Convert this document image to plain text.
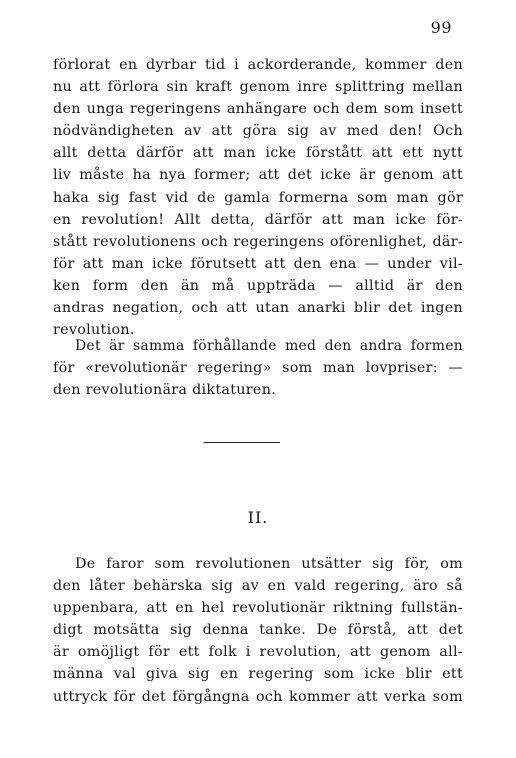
99
förlorat en dyrbar tid i ackorderande, kommer den
nu att förlora sin kraft genom inre splittring mellan
den unga regeringens anhängare och dem som insett
nödvändigheten av att göra sig av med den! Och
allt detta därför att man icke förstått att ett nytt
liv måste ha nya former; att det icke är genom att
haka sig fast vid de gamla formerna som man gör
en revolution! Allt detta, därför att man icke för-
stått revolutionens och regeringens oförenlighet, där-
för att man icke förutsett att den ena — under vil-
ken form den än må uppträda — alltid är den
andras negation, och att utan anarki blir det ingen
revolution.
Det är samma förhållande med den andra formen
för «revolutionär regering» som man lovpriser: —
den revolutionära diktaturen.
II.
De faror som revolutionen utsätter sig för, om
den låter behärska sig av en vald regering, äro så
uppenbara, att en hel revolutionär riktning fullstän-
digt motsätta sig denna tanke. De förstå, att det
är omöjligt för ett folk i revolution, att genom all-
männa val giva sig en regering som icke blir ett
uttryck för det förgångna och kommer att verka som
